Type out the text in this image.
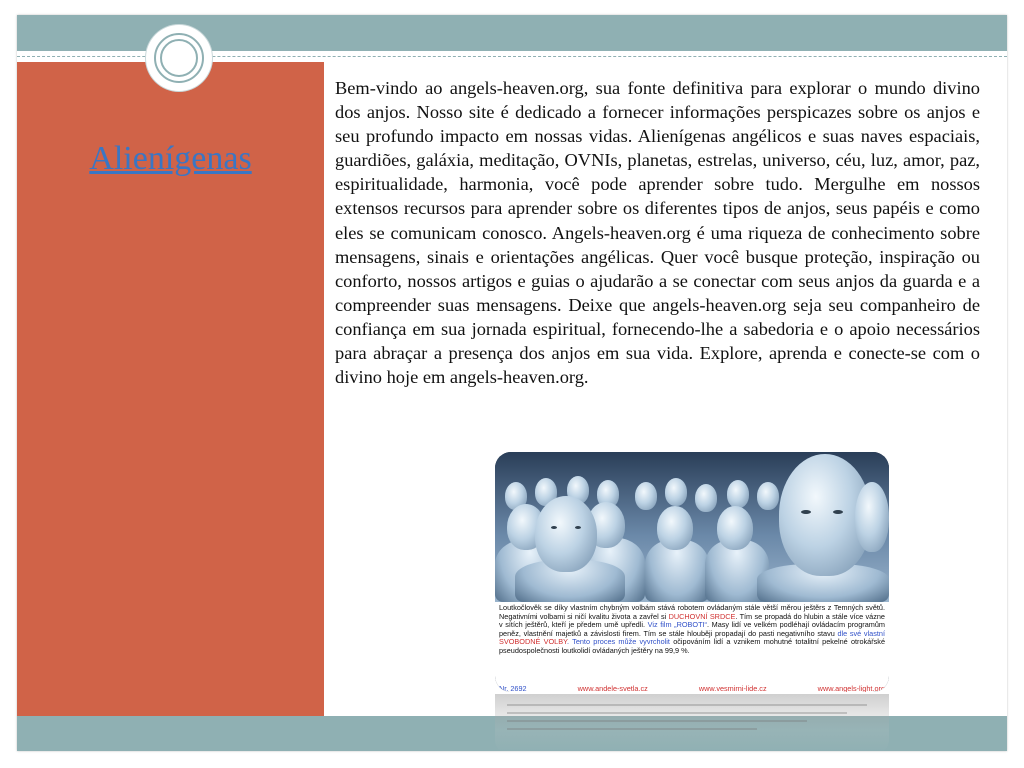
Alienígenas

Bem-vindo ao angels-heaven.org, sua fonte definitiva para explorar o mundo divino dos anjos. Nosso site é dedicado a fornecer informações perspicazes sobre os anjos e seu profundo impacto em nossas vidas. Alienígenas angélicos e suas naves espaciais, guardiões, galáxia, meditação, OVNIs, planetas, estrelas, universo, céu, luz, amor, paz, espiritualidade, harmonia, você pode aprender sobre tudo. Mergulhe em nossos extensos recursos para aprender sobre os diferentes tipos de anjos, seus papéis e como eles se comunicam conosco. Angels-heaven.org é uma riqueza de conhecimento sobre mensagens, sinais e orientações angélicas. Quer você busque proteção, inspiração ou conforto, nossos artigos e guias o ajudarão a se conectar com seus anjos da guarda e a compreender suas mensagens. Deixe que angels-heaven.org seja seu companheiro de confiança em sua jornada espiritual, fornecendo-lhe a sabedoria e o apoio necessários para abraçar a presença dos anjos em sua vida. Explore, aprenda e conecte-se com o divino hoje em angels-heaven.org.

Loutkočlověk se díky vlastním chybným volbám stává robotem ovládaným stále větší měrou ještěrs z Temných světů. Negativními volbami si ničí kvalitu života a zavřel si DUCHOVNÍ SRDCE. Tím se propadá do hlubin a stále více vázne v sítích ještěrů, kteří je předem umě upředli. Viz film „ROBOTI“. Masy lidí ve velkém podléhají ovládacím programům peněz, vlastnění majetků a závislosti firem. Tím se stále hlouběji propadají do pasti negativního stavu dle své vlastní SVOBODNÉ VOLBY. Tento proces může vyvrcholit očipováním lidí a vznikem mohutné totalitní pekelné otrokářské pseudospolečnosti loutkolidí ovládaných ještěry na 99,9 %.

Nr. 2692	www.andele-svetla.cz	www.vesmirni-lide.cz	www.angels-light.org
